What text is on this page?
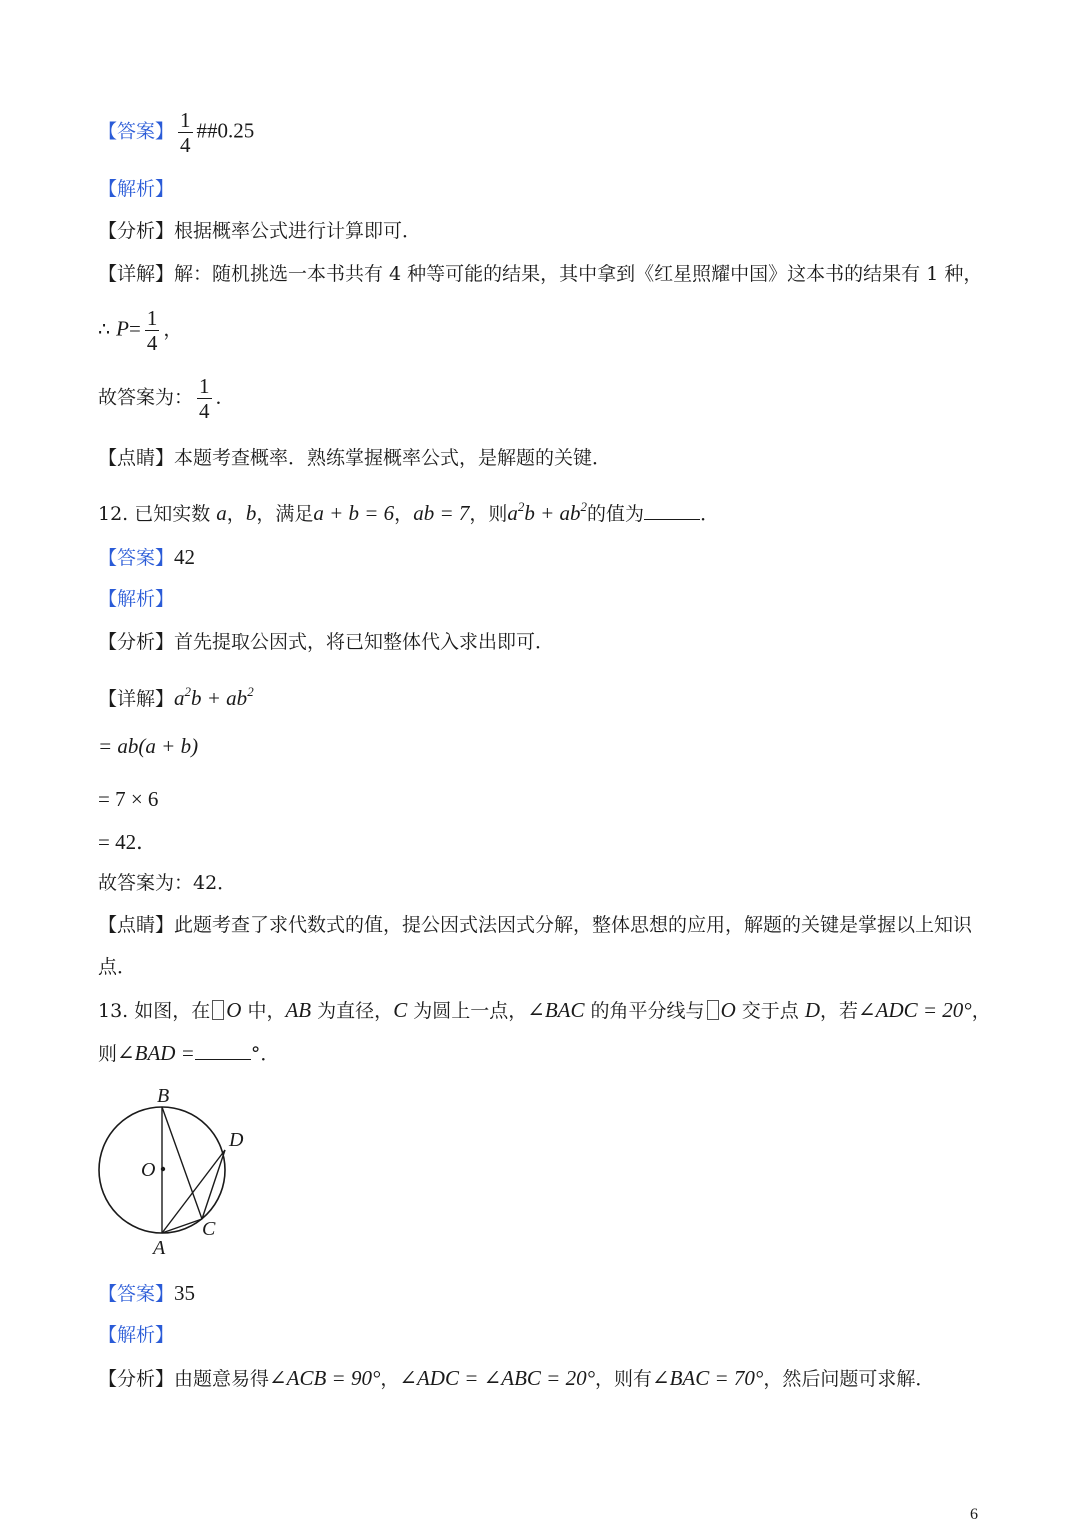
【答案】 $\frac{1}{4}$ ##0.25
【解析】
【分析】根据概率公式进行计算即可．
【详解】解：随机挑选一本书共有 4 种等可能的结果，其中拿到《红星照耀中国》这本书的结果有 1 种，
∴ $P= \frac{1}{4}$ ，
故答案为： $\frac{1}{4}$ ．
【点睛】本题考查概率．熟练掌握概率公式，是解题的关键．
12. 已知实数 a，b，满足a + b = 6，ab = 7，则$a^2b + ab^2$的值为	．
【答案】42
【解析】
【分析】首先提取公因式，将已知整体代入求出即可．
【详解】$a^2b + ab^2$
= ab(a + b)
= 7 × 6
= 42．
故答案为：42．
【点睛】此题考查了求代数式的值，提公因式法因式分解，整体思想的应用，解题的关键是掌握以上知识
点．
13. 如图，在 O 中，AB 为直径，C 为圆上一点，∠BAC 的角平分线与 O 交于点 D，若∠ADC = 20°，
则∠BAD =	°．
B
D
O
C
A
【答案】35
【解析】
【分析】由题意易得∠ACB = 90°，∠ADC = ∠ABC = 20°，则有∠BAC = 70°，然后问题可求解．
6
